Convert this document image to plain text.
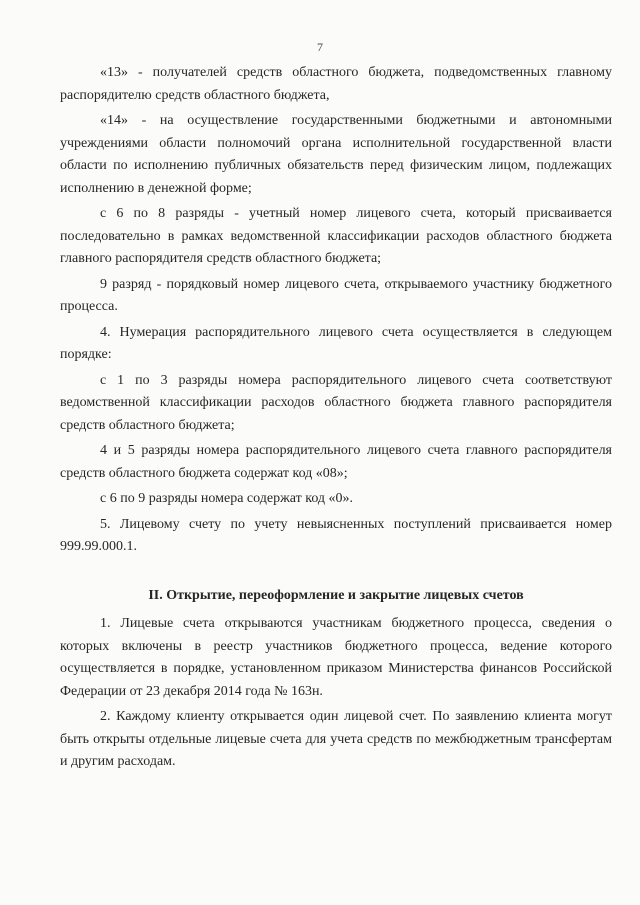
7

«13» - получателей средств областного бюджета, подведомственных главному распорядителю средств областного бюджета,

«14» - на осуществление государственными бюджетными и автономными учреждениями области полномочий органа исполнительной государственной власти области по исполнению публичных обязательств перед физическим лицом, подлежащих исполнению в денежной форме;

с 6 по 8 разряды - учетный номер лицевого счета, который присваивается последовательно в рамках ведомственной классификации расходов областного бюджета главного распорядителя средств областного бюджета;

9 разряд - порядковый номер лицевого счета, открываемого участнику бюджетного процесса.

4. Нумерация распорядительного лицевого счета осуществляется в следующем порядке:

с 1 по 3 разряды номера распорядительного лицевого счета соответствуют ведомственной классификации расходов областного бюджета главного распорядителя средств областного бюджета;

4 и 5 разряды номера распорядительного лицевого счета главного распорядителя средств областного бюджета содержат код «08»;

с 6 по 9 разряды номера содержат код «0».

5. Лицевому счету по учету невыясненных поступлений присваивается номер 999.99.000.1.

II. Открытие, переоформление и закрытие лицевых счетов

1. Лицевые счета открываются участникам бюджетного процесса, сведения о которых включены в реестр участников бюджетного процесса, ведение которого осуществляется в порядке, установленном приказом Министерства финансов Российской Федерации от 23 декабря 2014 года № 163н.

2. Каждому клиенту открывается один лицевой счет. По заявлению клиента могут быть открыты отдельные лицевые счета для учета средств по межбюджетным трансфертам и другим расходам.
